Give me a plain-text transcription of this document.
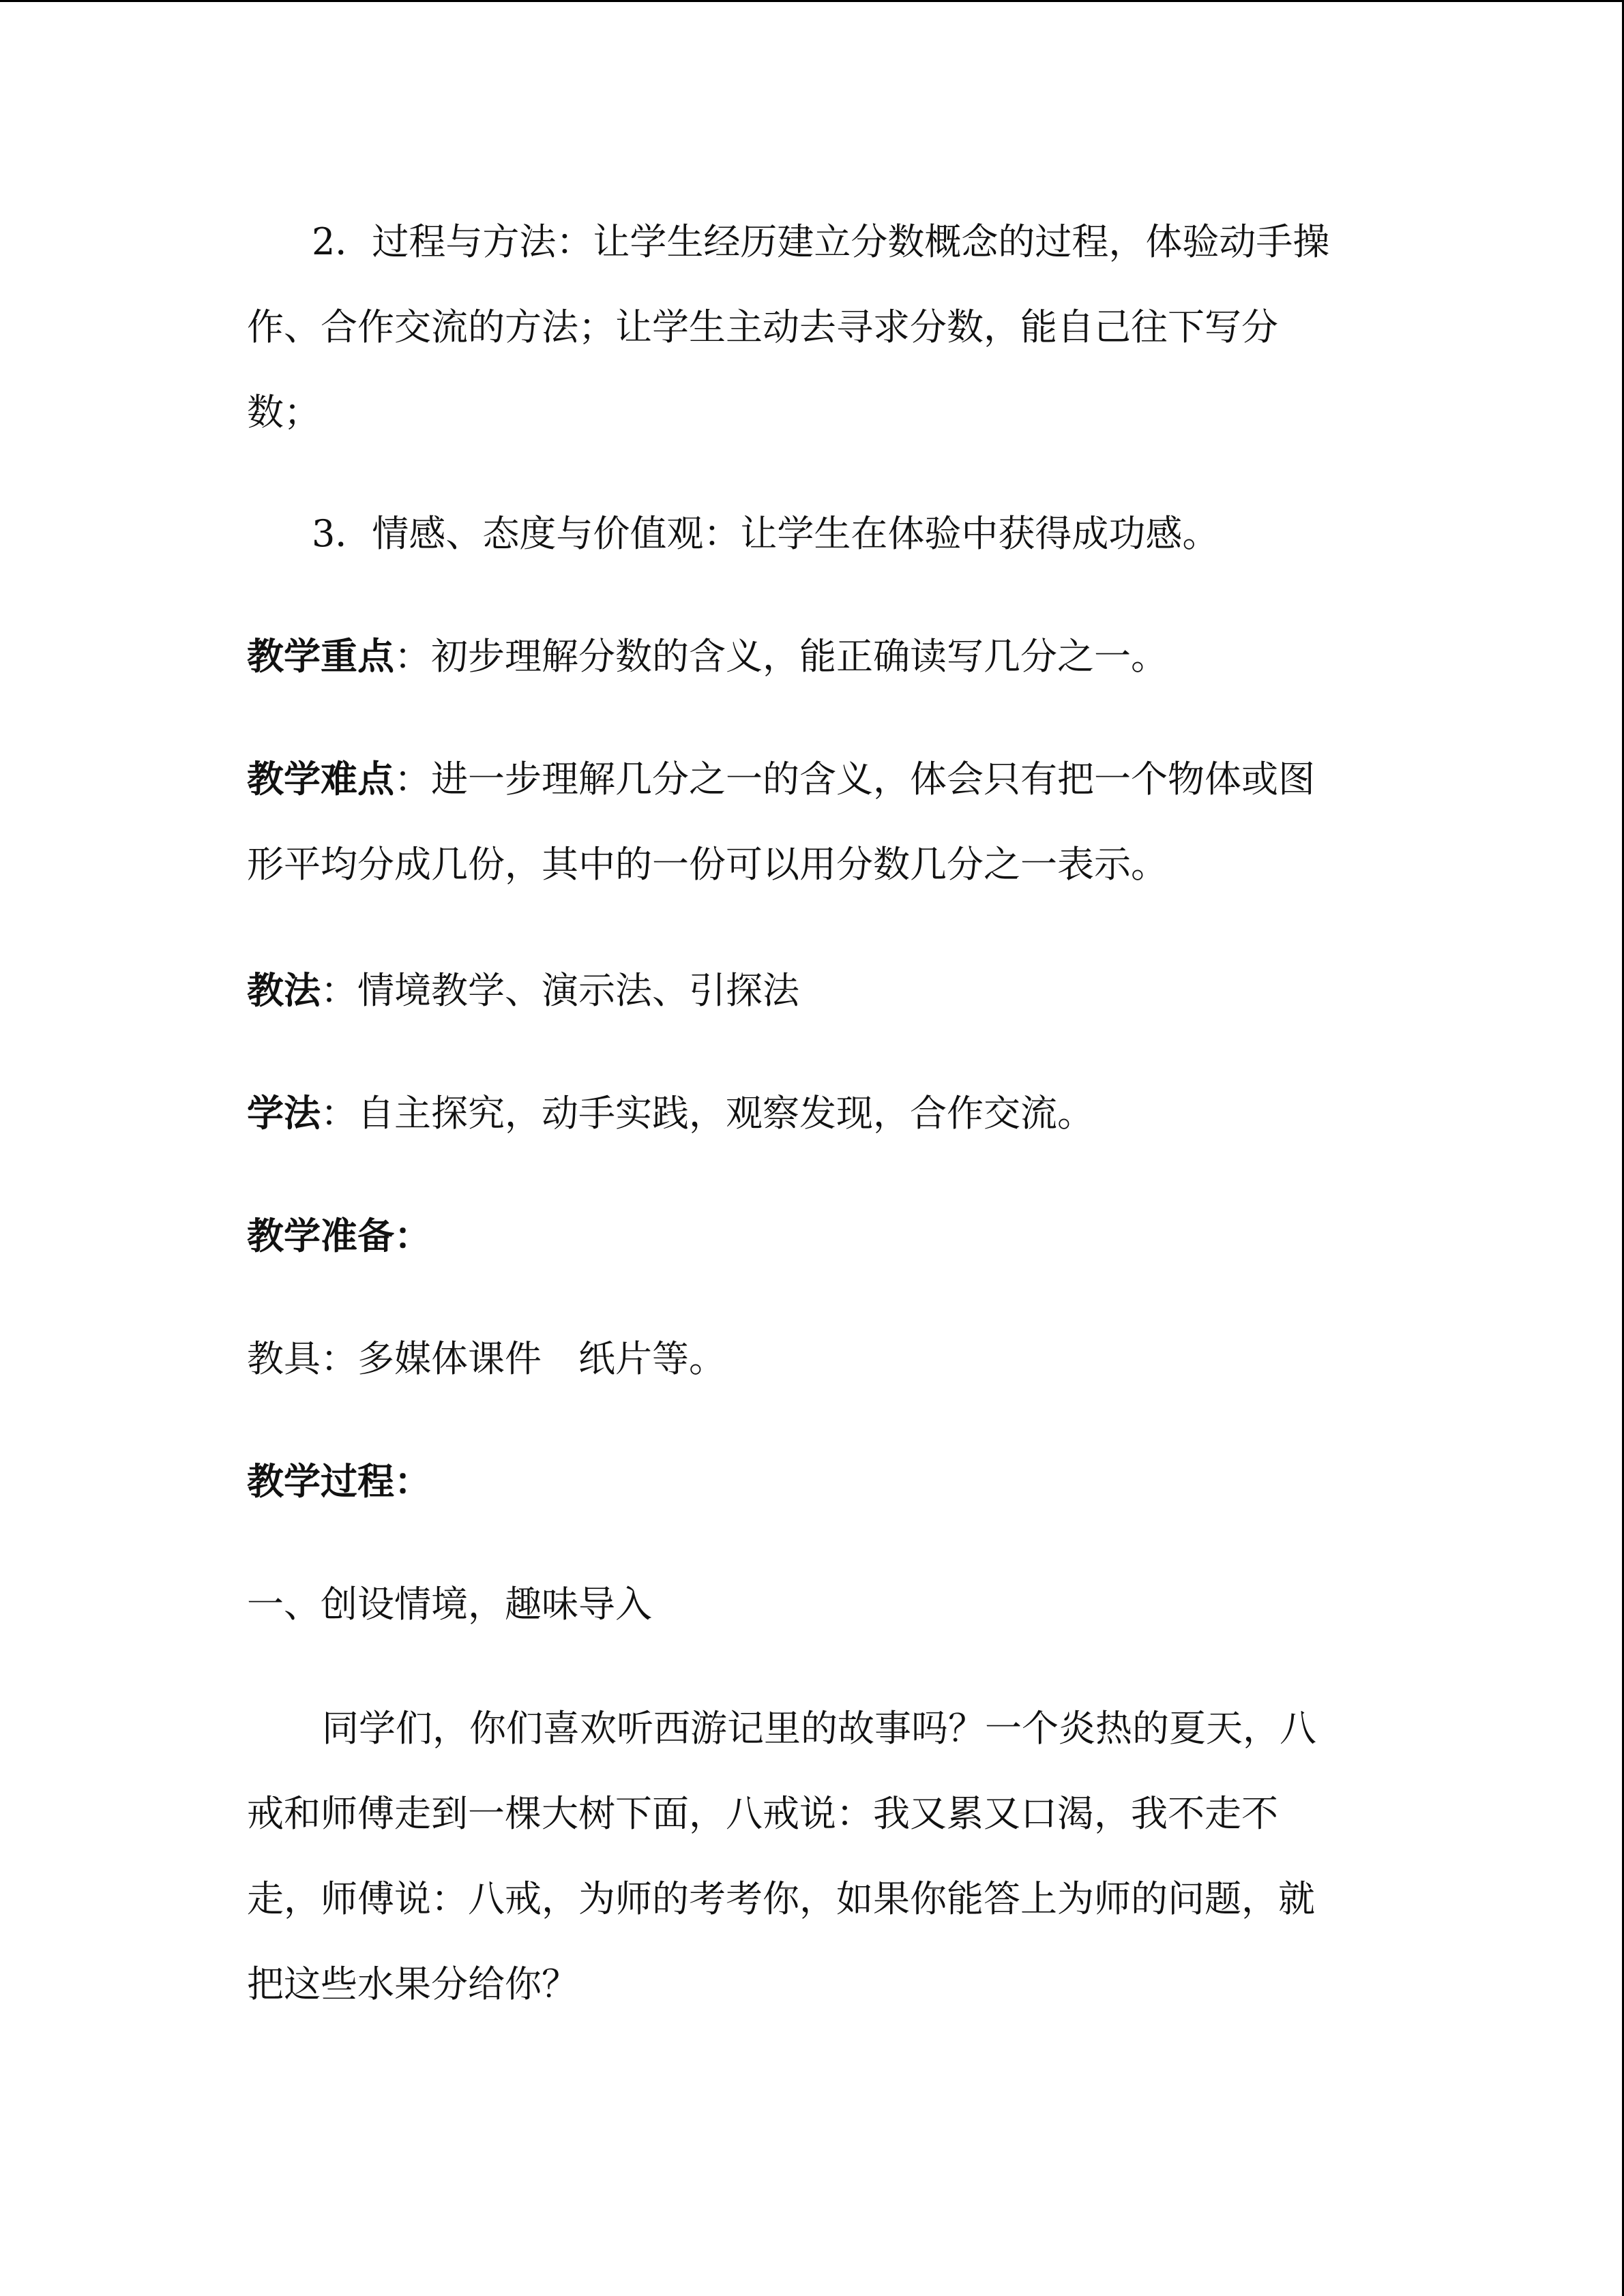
2．过程与方法：让学生经历建立分数概念的过程，体验动手操
作、合作交流的方法；让学生主动去寻求分数，能自己往下写分
数；
3．情感、态度与价值观：让学生在体验中获得成功感。
教学重点：初步理解分数的含义，能正确读写几分之一。
教学难点：进一步理解几分之一的含义，体会只有把一个物体或图
形平均分成几份，其中的一份可以用分数几分之一表示。
教法：情境教学、演示法、引探法
学法：自主探究，动手实践，观察发现，合作交流。
教学准备：
教具：多媒体课件　纸片等。
教学过程：
一、创设情境，趣味导入
同学们，你们喜欢听西游记里的故事吗？一个炎热的夏天，八
戒和师傅走到一棵大树下面，八戒说：我又累又口渴，我不走不
走，师傅说：八戒，为师的考考你，如果你能答上为师的问题，就
把这些水果分给你？
